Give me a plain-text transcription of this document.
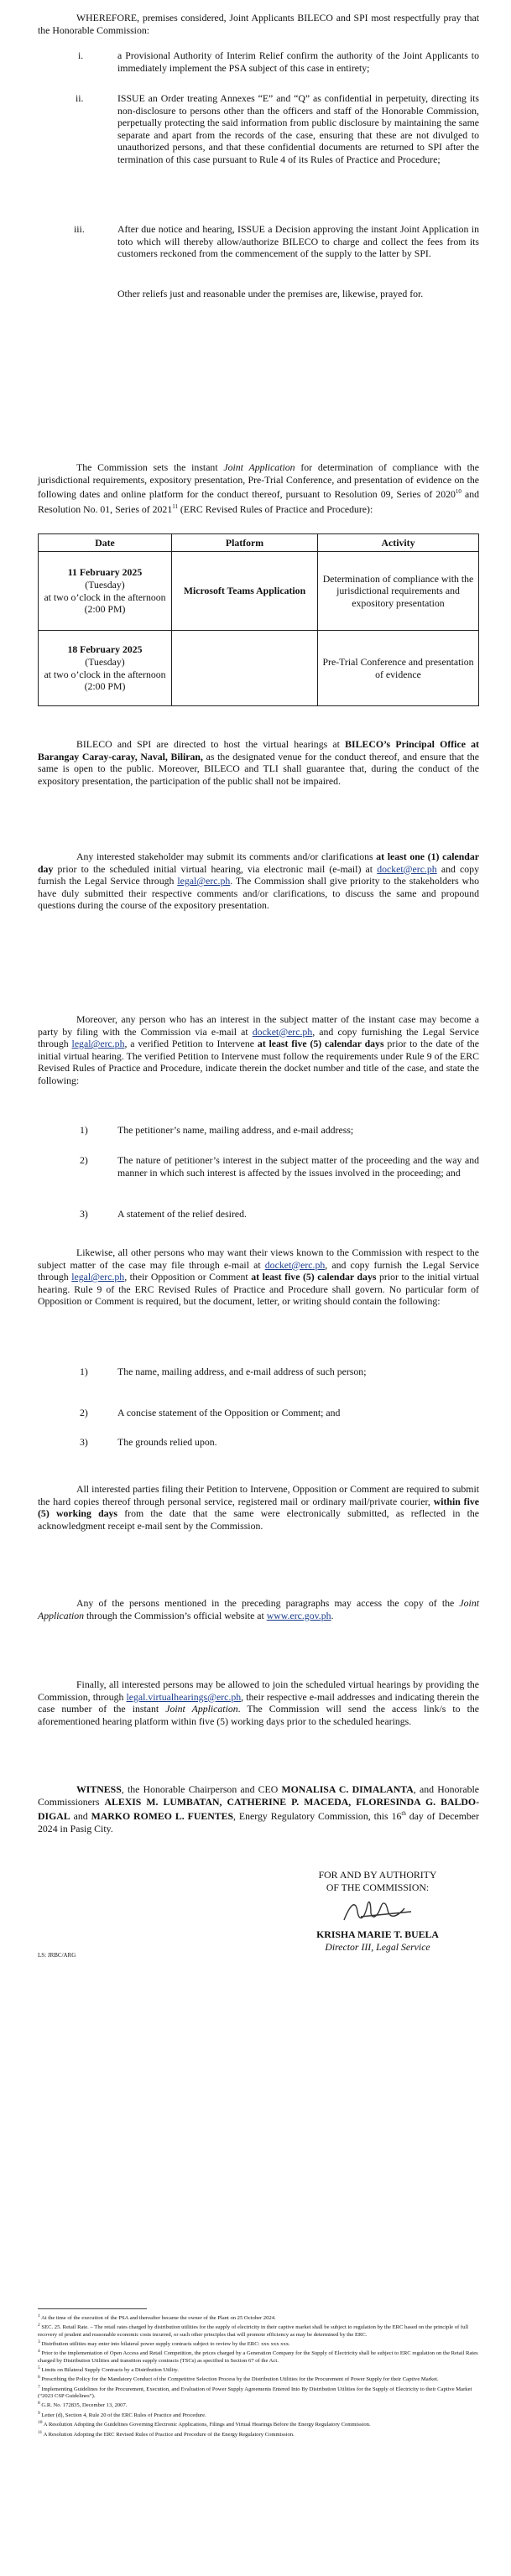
WHEREFORE, premises considered, Joint Applicants BILECO and SPI most respectfully pray that the Honorable Commission:

i.	a Provisional Authority of Interim Relief confirm the authority of the Joint Applicants to immediately implement the PSA subject of this case in entirety;

ii.	ISSUE an Order treating Annexes “E” and “Q” as confidential in perpetuity, directing its non-disclosure to persons other than the officers and staff of the Honorable Commission, perpetually protecting the said information from public disclosure by maintaining the same separate and apart from the records of the case, ensuring that these are not divulged to unauthorized persons, and that these confidential documents are returned to SPI after the termination of this case pursuant to Rule 4 of its Rules of Practice and Procedure;

iii.	After due notice and hearing, ISSUE a Decision approving the instant Joint Application in toto which will thereby allow/authorize BILECO to charge and collect the fees from its customers reckoned from the commencement of the supply to the latter by SPI.

Other reliefs just and reasonable under the premises are, likewise, prayed for.

The Commission sets the instant Joint Application for determination of compliance with the jurisdictional requirements, expository presentation, Pre-Trial Conference, and presentation of evidence on the following dates and online platform for the conduct thereof, pursuant to Resolution 09, Series of 2020$^{10}$ and Resolution No. 01, Series of 2021$^{11}$ (ERC Revised Rules of Practice and Procedure):

Date	Platform	Activity
11 February 2025
(Tuesday)
at two o’clock in the afternoon (2:00 PM)	Microsoft Teams Application	Determination of compliance with the jurisdictional requirements and expository presentation
18 February 2025
(Tuesday)
at two o’clock in the afternoon (2:00 PM)		Pre-Trial Conference and presentation of evidence

BILECO and SPI are directed to host the virtual hearings at BILECO’s Principal Office at Barangay Caray-caray, Naval, Biliran, as the designated venue for the conduct thereof, and ensure that the same is open to the public. Moreover, BILECO and TLI shall guarantee that, during the conduct of the expository presentation, the participation of the public shall not be impaired.

Any interested stakeholder may submit its comments and/or clarifications at least one (1) calendar day prior to the scheduled initial virtual hearing, via electronic mail (e-mail) at docket@erc.ph and copy furnish the Legal Service through legal@erc.ph. The Commission shall give priority to the stakeholders who have duly submitted their respective comments and/or clarifications, to discuss the same and propound questions during the course of the expository presentation.

Moreover, any person who has an interest in the subject matter of the instant case may become a party by filing with the Commission via e-mail at docket@erc.ph, and copy furnishing the Legal Service through legal@erc.ph, a verified Petition to Intervene at least five (5) calendar days prior to the date of the initial virtual hearing. The verified Petition to Intervene must follow the requirements under Rule 9 of the ERC Revised Rules of Practice and Procedure, indicate therein the docket number and title of the case, and state the following:

1)	The petitioner’s name, mailing address, and e-mail address;

2)	The nature of petitioner’s interest in the subject matter of the proceeding and the way and manner in which such interest is affected by the issues involved in the proceeding; and

3)	A statement of the relief desired.

Likewise, all other persons who may want their views known to the Commission with respect to the subject matter of the case may file through e-mail at docket@erc.ph, and copy furnish the Legal Service through legal@erc.ph, their Opposition or Comment at least five (5) calendar days prior to the initial virtual hearing. Rule 9 of the ERC Revised Rules of Practice and Procedure shall govern. No particular form of Opposition or Comment is required, but the document, letter, or writing should contain the following:

1)	The name, mailing address, and e-mail address of such person;

2)	A concise statement of the Opposition or Comment; and

3)	The grounds relied upon.

All interested parties filing their Petition to Intervene, Opposition or Comment are required to submit the hard copies thereof through personal service, registered mail or ordinary mail/private courier, within five (5) working days from the date that the same were electronically submitted, as reflected in the acknowledgment receipt e-mail sent by the Commission.

Any of the persons mentioned in the preceding paragraphs may access the copy of the Joint Application through the Commission’s official website at www.erc.gov.ph.

Finally, all interested persons may be allowed to join the scheduled virtual hearings by providing the Commission, through legal.virtualhearings@erc.ph, their respective e-mail addresses and indicating therein the case number of the instant Joint Application. The Commission will send the access link/s to the aforementioned hearing platform within five (5) working days prior to the scheduled hearings.

WITNESS, the Honorable Chairperson and CEO MONALISA C. DIMALANTA, and Honorable Commissioners ALEXIS M. LUMBATAN, CATHERINE P. MACEDA, FLORESINDA G. BALDO-DIGAL and MARKO ROMEO L. FUENTES, Energy Regulatory Commission, this 16th day of December 2024 in Pasig City.

FOR AND BY AUTHORITY
OF THE COMMISSION:
KRISHA MARIE T. BUELA
Director III, Legal Service
LS: JRBC/ARG

$^1$ At the time of the execution of the PSA and thereafter became the owner of the Plant on 25 October 2024.

$^2$ SEC. 25. Retail Rate. – The retail rates charged by distribution utilities for the supply of electricity in their captive market shall be subject to regulation by the ERC based on the principle of full recovery of prudent and reasonable economic costs incurred, or such other principles that will promote efficiency as may be determined by the ERC.

$^3$ Distribution utilities may enter into bilateral power supply contracts subject to review by the ERC: xxx xxx xxx.

$^4$ Prior to the implementation of Open Access and Retail Competition, the prices charged by a Generation Company for the Supply of Electricity shall be subject to ERC regulation on the Retail Rates charged by Distribution Utilities and transition supply contracts (TSCs) as specified in Section 67 of the Act.

$^5$ Limits on Bilateral Supply Contracts by a Distribution Utility.

$^6$ Prescribing the Policy for the Mandatory Conduct of the Competitive Selection Process by the Distribution Utilities for the Procurement of Power Supply for their Captive Market.

$^7$ Implementing Guidelines for the Procurement, Execution, and Evaluation of Power Supply Agreements Entered Into By Distribution Utilities for the Supply of Electricity to their Captive Market (“2023 CSP Guidelines”).

$^8$ G.R. No. 172835, December 13, 2007.

$^9$ Letter (d), Section 4, Rule 20 of the ERC Rules of Practice and Procedure.

$^{10}$ A Resolution Adopting the Guidelines Governing Electronic Applications, Filings and Virtual Hearings Before the Energy Regulatory Commission.

$^{11}$ A Resolution Adopting the ERC Revised Rules of Practice and Procedure of the Energy Regulatory Commission.
